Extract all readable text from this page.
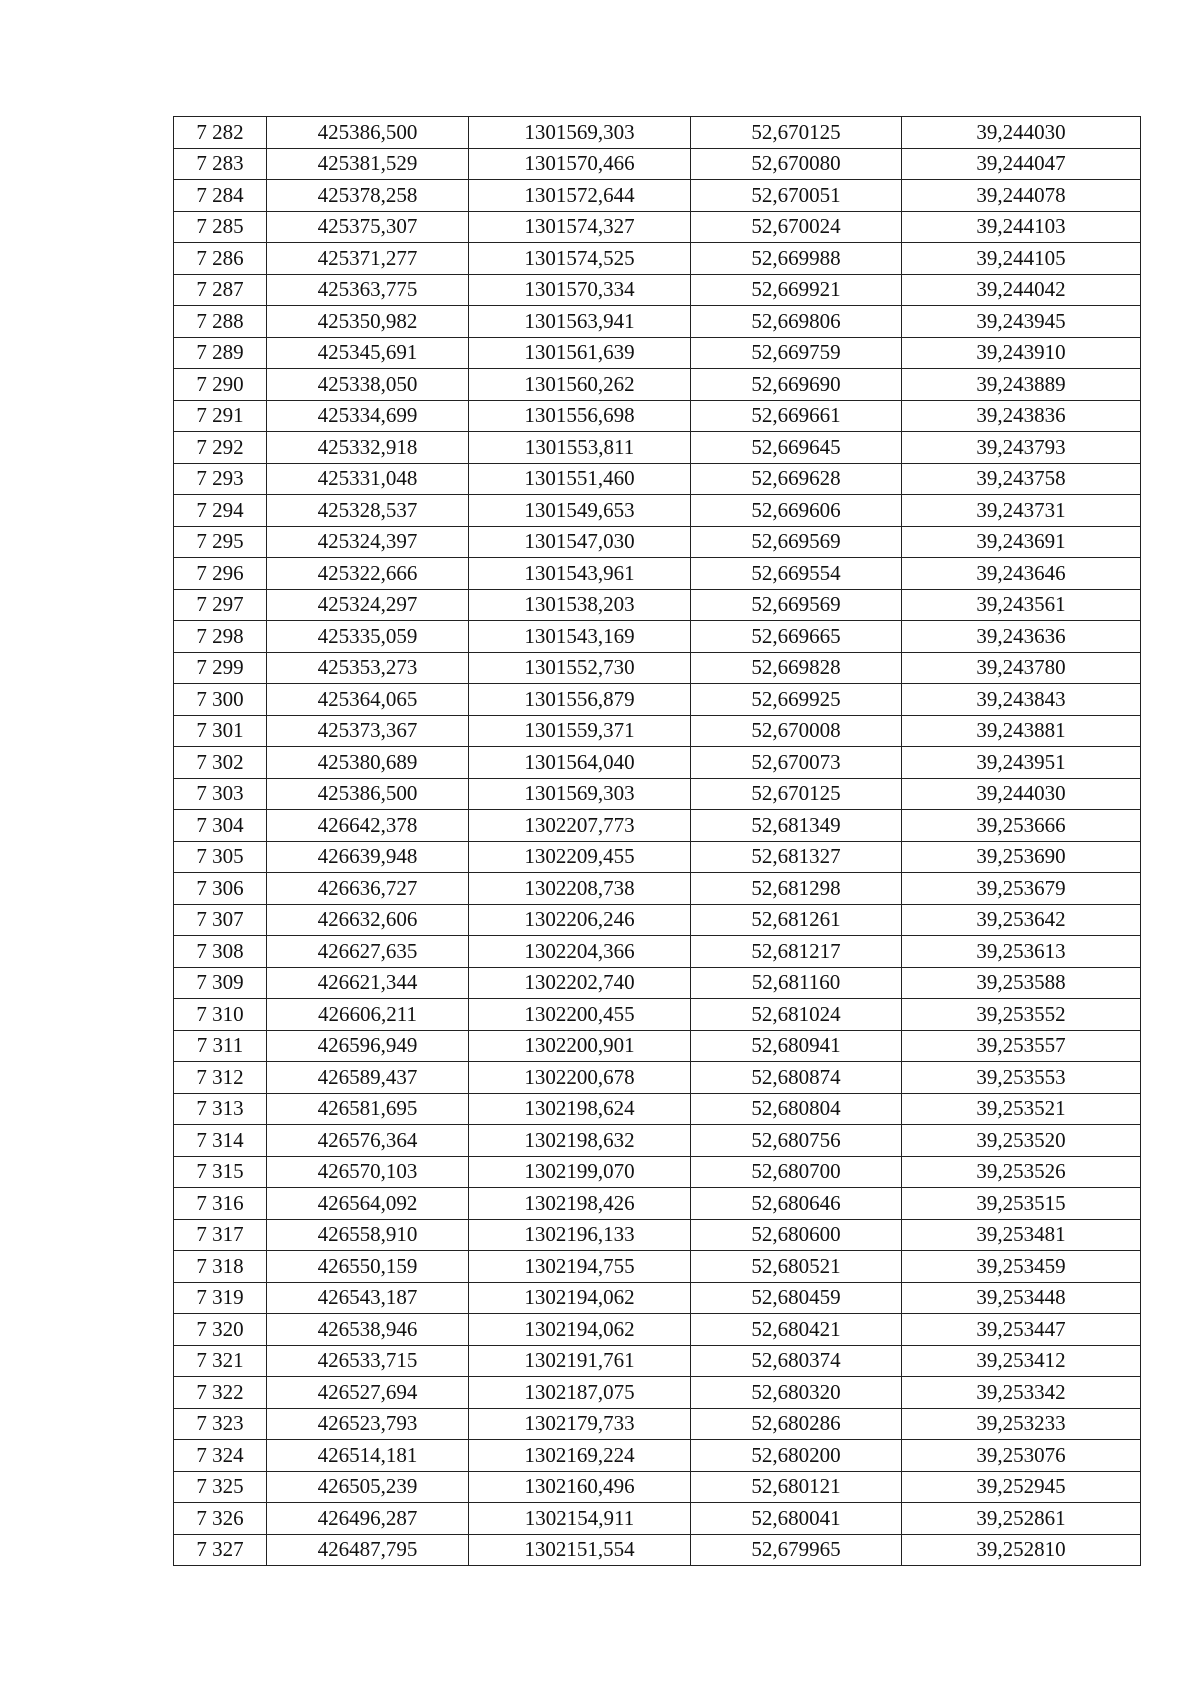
7 282	425386,500	1301569,303	52,670125	39,244030
7 283	425381,529	1301570,466	52,670080	39,244047
7 284	425378,258	1301572,644	52,670051	39,244078
7 285	425375,307	1301574,327	52,670024	39,244103
7 286	425371,277	1301574,525	52,669988	39,244105
7 287	425363,775	1301570,334	52,669921	39,244042
7 288	425350,982	1301563,941	52,669806	39,243945
7 289	425345,691	1301561,639	52,669759	39,243910
7 290	425338,050	1301560,262	52,669690	39,243889
7 291	425334,699	1301556,698	52,669661	39,243836
7 292	425332,918	1301553,811	52,669645	39,243793
7 293	425331,048	1301551,460	52,669628	39,243758
7 294	425328,537	1301549,653	52,669606	39,243731
7 295	425324,397	1301547,030	52,669569	39,243691
7 296	425322,666	1301543,961	52,669554	39,243646
7 297	425324,297	1301538,203	52,669569	39,243561
7 298	425335,059	1301543,169	52,669665	39,243636
7 299	425353,273	1301552,730	52,669828	39,243780
7 300	425364,065	1301556,879	52,669925	39,243843
7 301	425373,367	1301559,371	52,670008	39,243881
7 302	425380,689	1301564,040	52,670073	39,243951
7 303	425386,500	1301569,303	52,670125	39,244030
7 304	426642,378	1302207,773	52,681349	39,253666
7 305	426639,948	1302209,455	52,681327	39,253690
7 306	426636,727	1302208,738	52,681298	39,253679
7 307	426632,606	1302206,246	52,681261	39,253642
7 308	426627,635	1302204,366	52,681217	39,253613
7 309	426621,344	1302202,740	52,681160	39,253588
7 310	426606,211	1302200,455	52,681024	39,253552
7 311	426596,949	1302200,901	52,680941	39,253557
7 312	426589,437	1302200,678	52,680874	39,253553
7 313	426581,695	1302198,624	52,680804	39,253521
7 314	426576,364	1302198,632	52,680756	39,253520
7 315	426570,103	1302199,070	52,680700	39,253526
7 316	426564,092	1302198,426	52,680646	39,253515
7 317	426558,910	1302196,133	52,680600	39,253481
7 318	426550,159	1302194,755	52,680521	39,253459
7 319	426543,187	1302194,062	52,680459	39,253448
7 320	426538,946	1302194,062	52,680421	39,253447
7 321	426533,715	1302191,761	52,680374	39,253412
7 322	426527,694	1302187,075	52,680320	39,253342
7 323	426523,793	1302179,733	52,680286	39,253233
7 324	426514,181	1302169,224	52,680200	39,253076
7 325	426505,239	1302160,496	52,680121	39,252945
7 326	426496,287	1302154,911	52,680041	39,252861
7 327	426487,795	1302151,554	52,679965	39,252810
